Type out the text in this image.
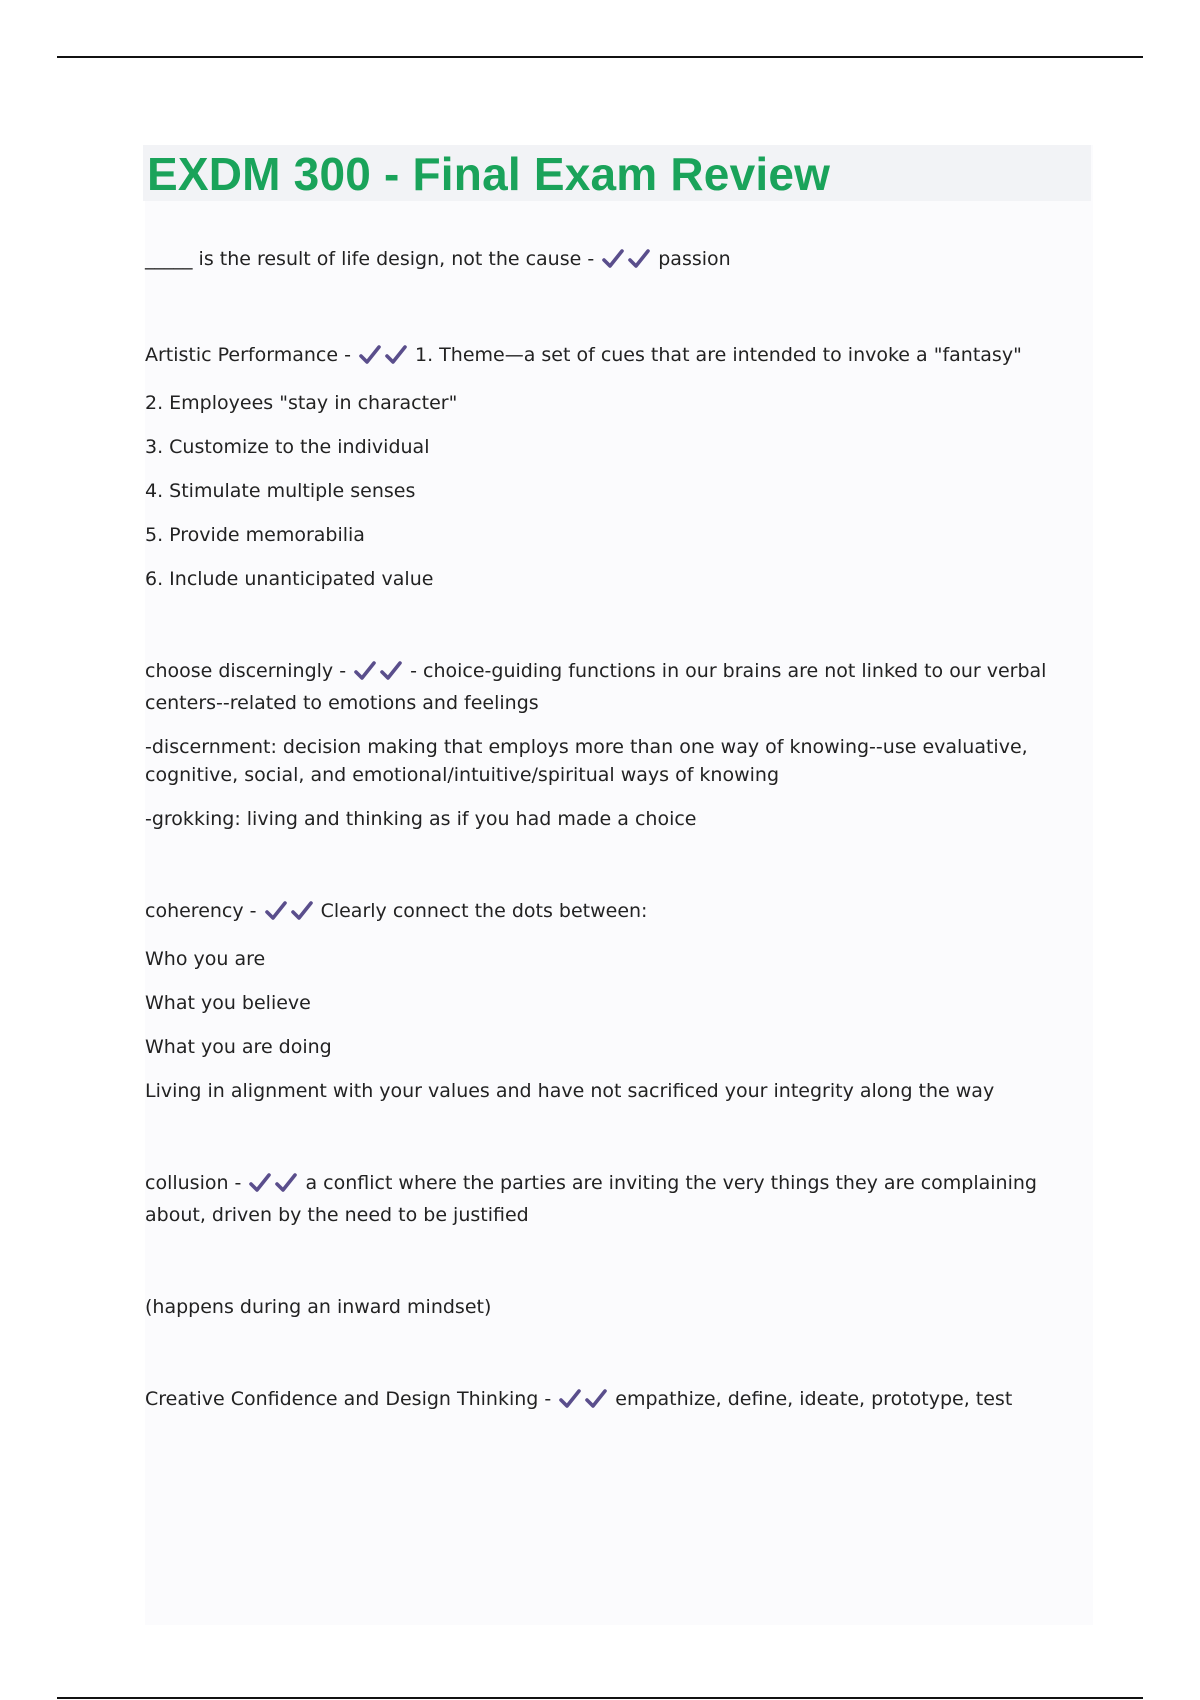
EXDM 300 - Final Exam Review
_____ is the result of life design, not the cause -	passion
Artistic Performance -	1. Theme—a set of cues that are intended to invoke a "fantasy"
2. Employees "stay in character"
3. Customize to the individual
4. Stimulate multiple senses
5. Provide memorabilia
6. Include unanticipated value
choose discerningly -	- choice-guiding functions in our brains are not linked to our verbal centers--related to emotions and feelings
-discernment: decision making that employs more than one way of knowing--use evaluative, cognitive, social, and emotional/intuitive/spiritual ways of knowing
-grokking: living and thinking as if you had made a choice
coherency -	Clearly connect the dots between:
Who you are
What you believe
What you are doing
Living in alignment with your values and have not sacrificed your integrity along the way
collusion -	a conflict where the parties are inviting the very things they are complaining about, driven by the need to be justified
(happens during an inward mindset)
Creative Confidence and Design Thinking -	empathize, define, ideate, prototype, test
